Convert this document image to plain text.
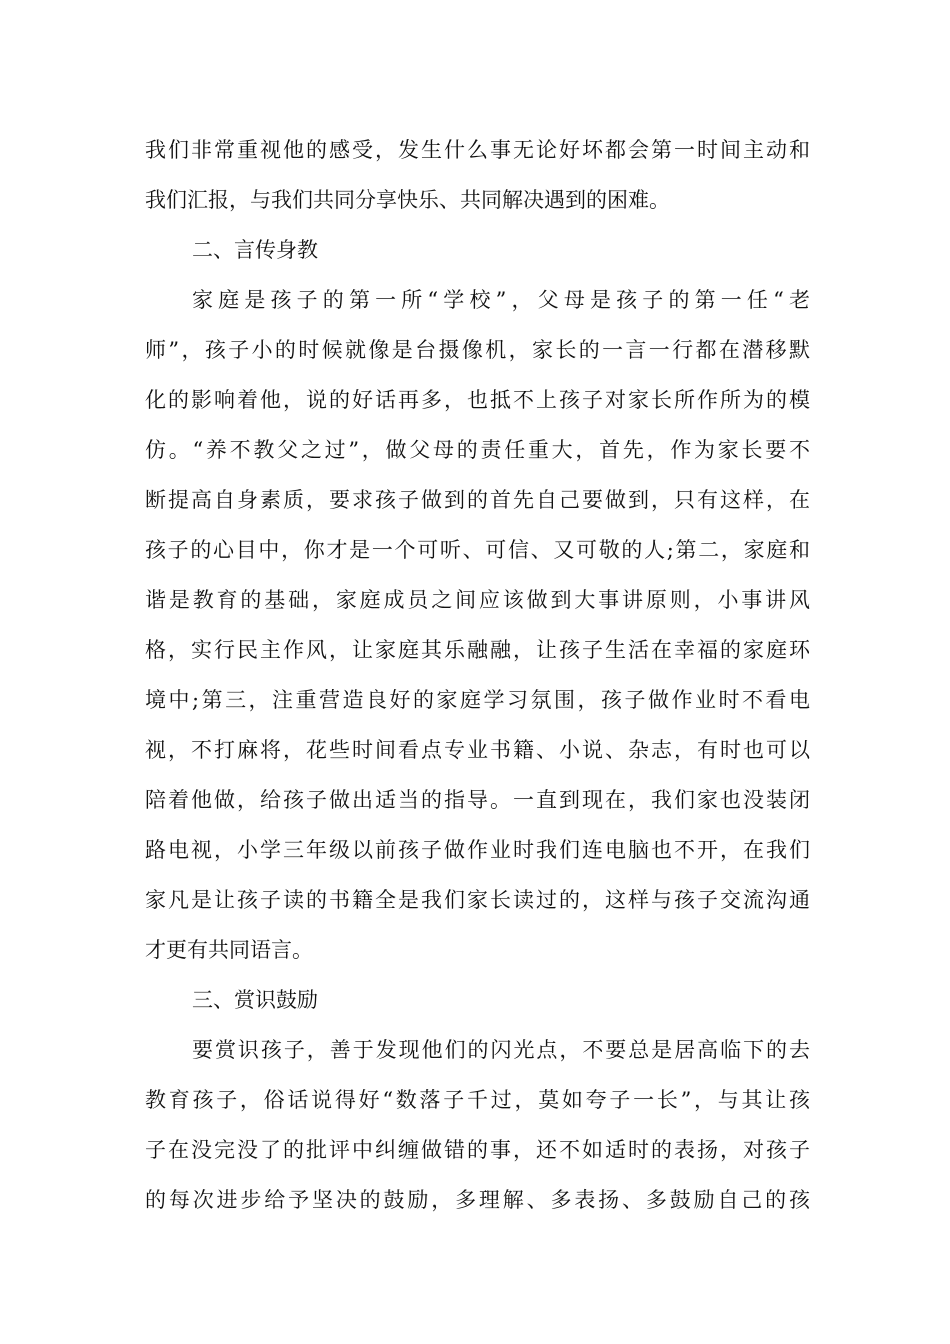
我们非常重视他的感受，发生什么事无论好坏都会第一时间主动和
我们汇报，与我们共同分享快乐、共同解决遇到的困难。
二、言传身教
家庭是孩子的第一所“学校”，父母是孩子的第一任“老
师”，孩子小的时候就像是台摄像机，家长的一言一行都在潜移默
化的影响着他，说的好话再多，也抵不上孩子对家长所作所为的模
仿。“养不教父之过”，做父母的责任重大，首先，作为家长要不
断提高自身素质，要求孩子做到的首先自己要做到，只有这样，在
孩子的心目中，你才是一个可听、可信、又可敬的人;第二，家庭和
谐是教育的基础，家庭成员之间应该做到大事讲原则，小事讲风
格，实行民主作风，让家庭其乐融融，让孩子生活在幸福的家庭环
境中;第三，注重营造良好的家庭学习氛围，孩子做作业时不看电
视，不打麻将，花些时间看点专业书籍、小说、杂志，有时也可以
陪着他做，给孩子做出适当的指导。一直到现在，我们家也没装闭
路电视，小学三年级以前孩子做作业时我们连电脑也不开，在我们
家凡是让孩子读的书籍全是我们家长读过的，这样与孩子交流沟通
才更有共同语言。
三、赏识鼓励
要赏识孩子，善于发现他们的闪光点，不要总是居高临下的去
教育孩子，俗话说得好“数落子千过，莫如夸子一长”，与其让孩
子在没完没了的批评中纠缠做错的事，还不如适时的表扬，对孩子
的每次进步给予坚决的鼓励，多理解、多表扬、多鼓励自己的孩
